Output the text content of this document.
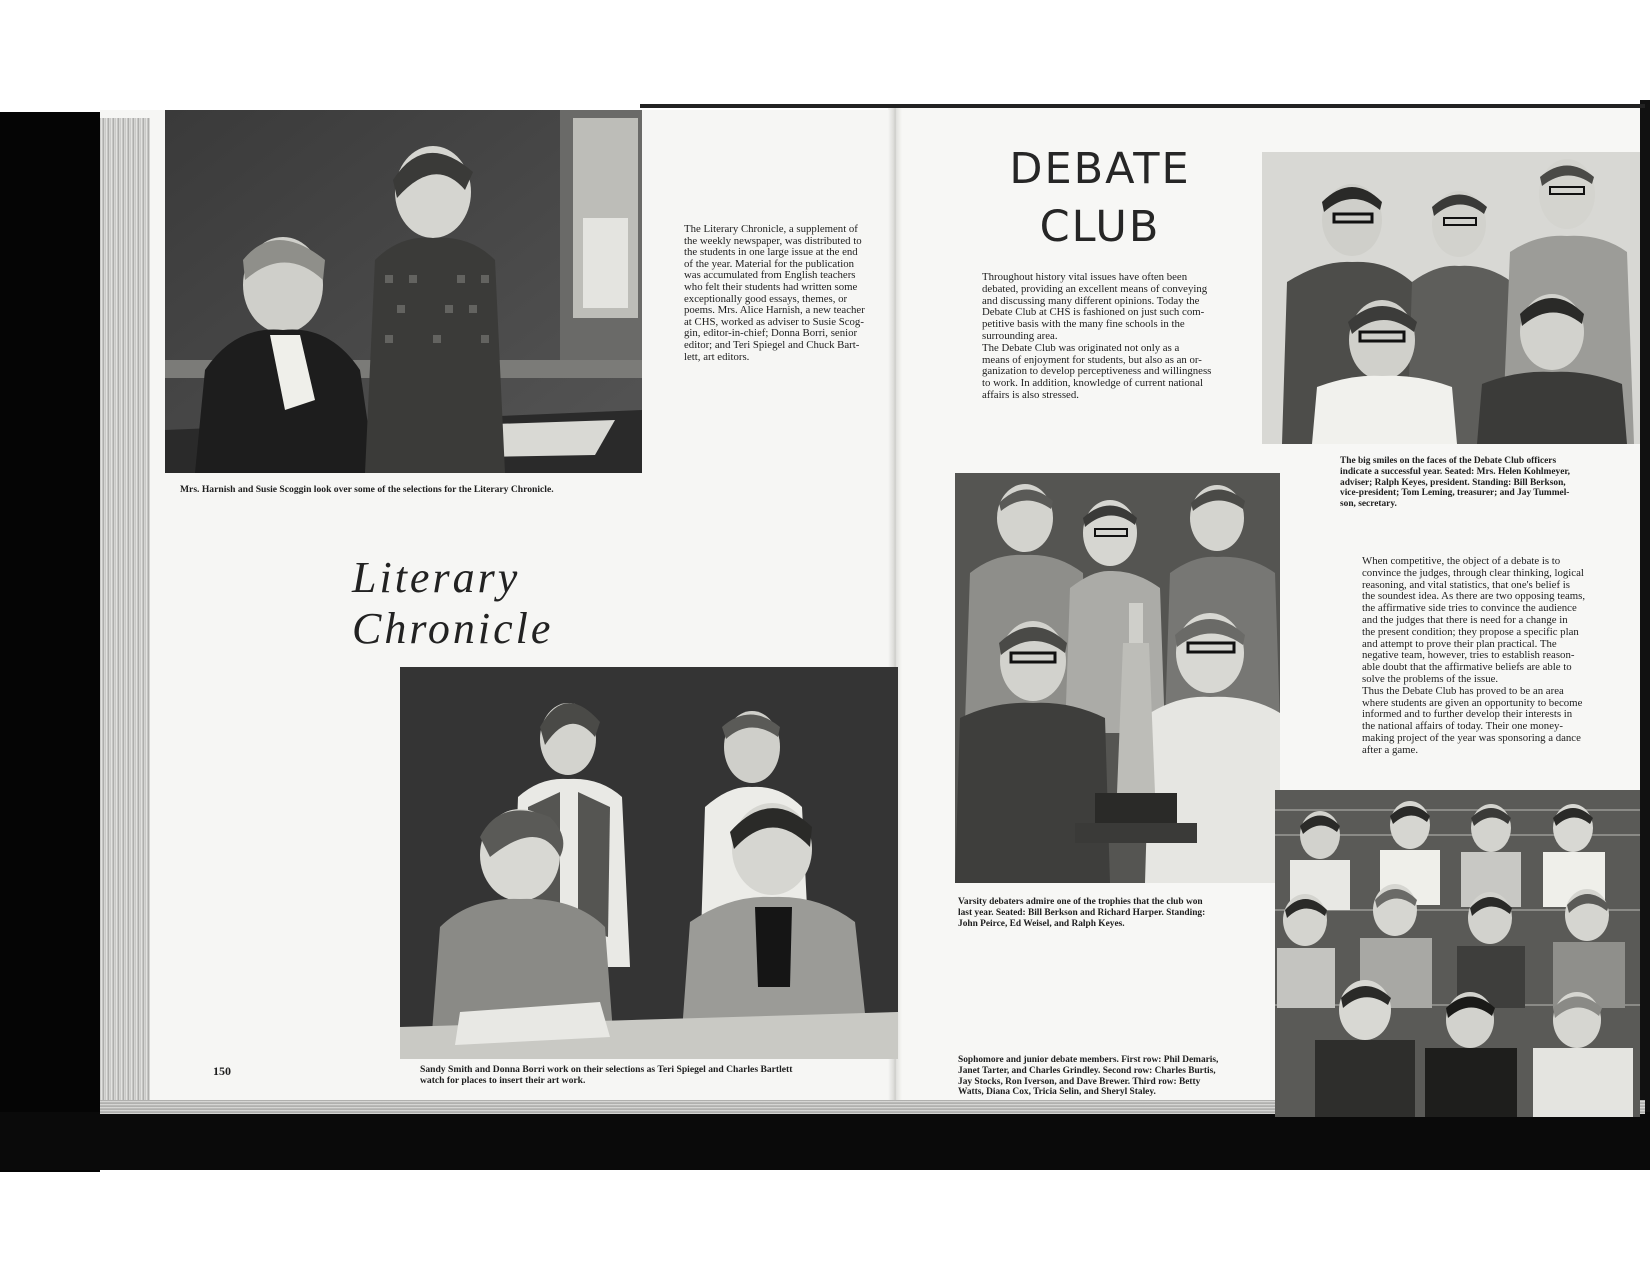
Mrs. Harnish and Susie Scoggin look over some of the selections for the Literary Chronicle.
The Literary Chronicle, a supplement of
the weekly newspaper, was distributed to
the students in one large issue at the end
of the year. Material for the publication
was accumulated from English teachers
who felt their students had written some
exceptionally good essays, themes, or
poems. Mrs. Alice Harnish, a new teacher
at CHS, worked as adviser to Susie Scog-
gin, editor-in-chief; Donna Borri, senior
editor; and Teri Spiegel and Chuck Bart-
lett, art editors.
Literary Chronicle
150	Sandy Smith and Donna Borri work on their selections as Teri Spiegel and Charles Bartlett
watch for places to insert their art work.
DEBATE
CLUB
Throughout history vital issues have often been
debated, providing an excellent means of conveying
and discussing many different opinions. Today the
Debate Club at CHS is fashioned on just such com-
petitive basis with the many fine schools in the
surrounding area.
The Debate Club was originated not only as a
means of enjoyment for students, but also as an or-
ganization to develop perceptiveness and willingness
to work. In addition, knowledge of current national
affairs is also stressed.
The big smiles on the faces of the Debate Club officers
indicate a successful year. Seated: Mrs. Helen Kohlmeyer,
adviser; Ralph Keyes, president. Standing: Bill Berkson,
vice-president; Tom Leming, treasurer; and Jay Tummel-
son, secretary.
Varsity debaters admire one of the trophies that the club won
last year. Seated: Bill Berkson and Richard Harper. Standing:
John Peirce, Ed Weisel, and Ralph Keyes.
When competitive, the object of a debate is to
convince the judges, through clear thinking, logical
reasoning, and vital statistics, that one's belief is
the soundest idea. As there are two opposing teams,
the affirmative side tries to convince the audience
and the judges that there is need for a change in
the present condition; they propose a specific plan
and attempt to prove their plan practical. The
negative team, however, tries to establish reason-
able doubt that the affirmative beliefs are able to
solve the problems of the issue.
Thus the Debate Club has proved to be an area
where students are given an opportunity to become
informed and to further develop their interests in
the national affairs of today. Their one money-
making project of the year was sponsoring a dance
after a game.
Sophomore and junior debate members. First row: Phil Demaris,
Janet Tarter, and Charles Grindley. Second row: Charles Burtis,
Jay Stocks, Ron Iverson, and Dave Brewer. Third row: Betty
Watts, Diana Cox, Tricia Selin, and Sheryl Staley.
